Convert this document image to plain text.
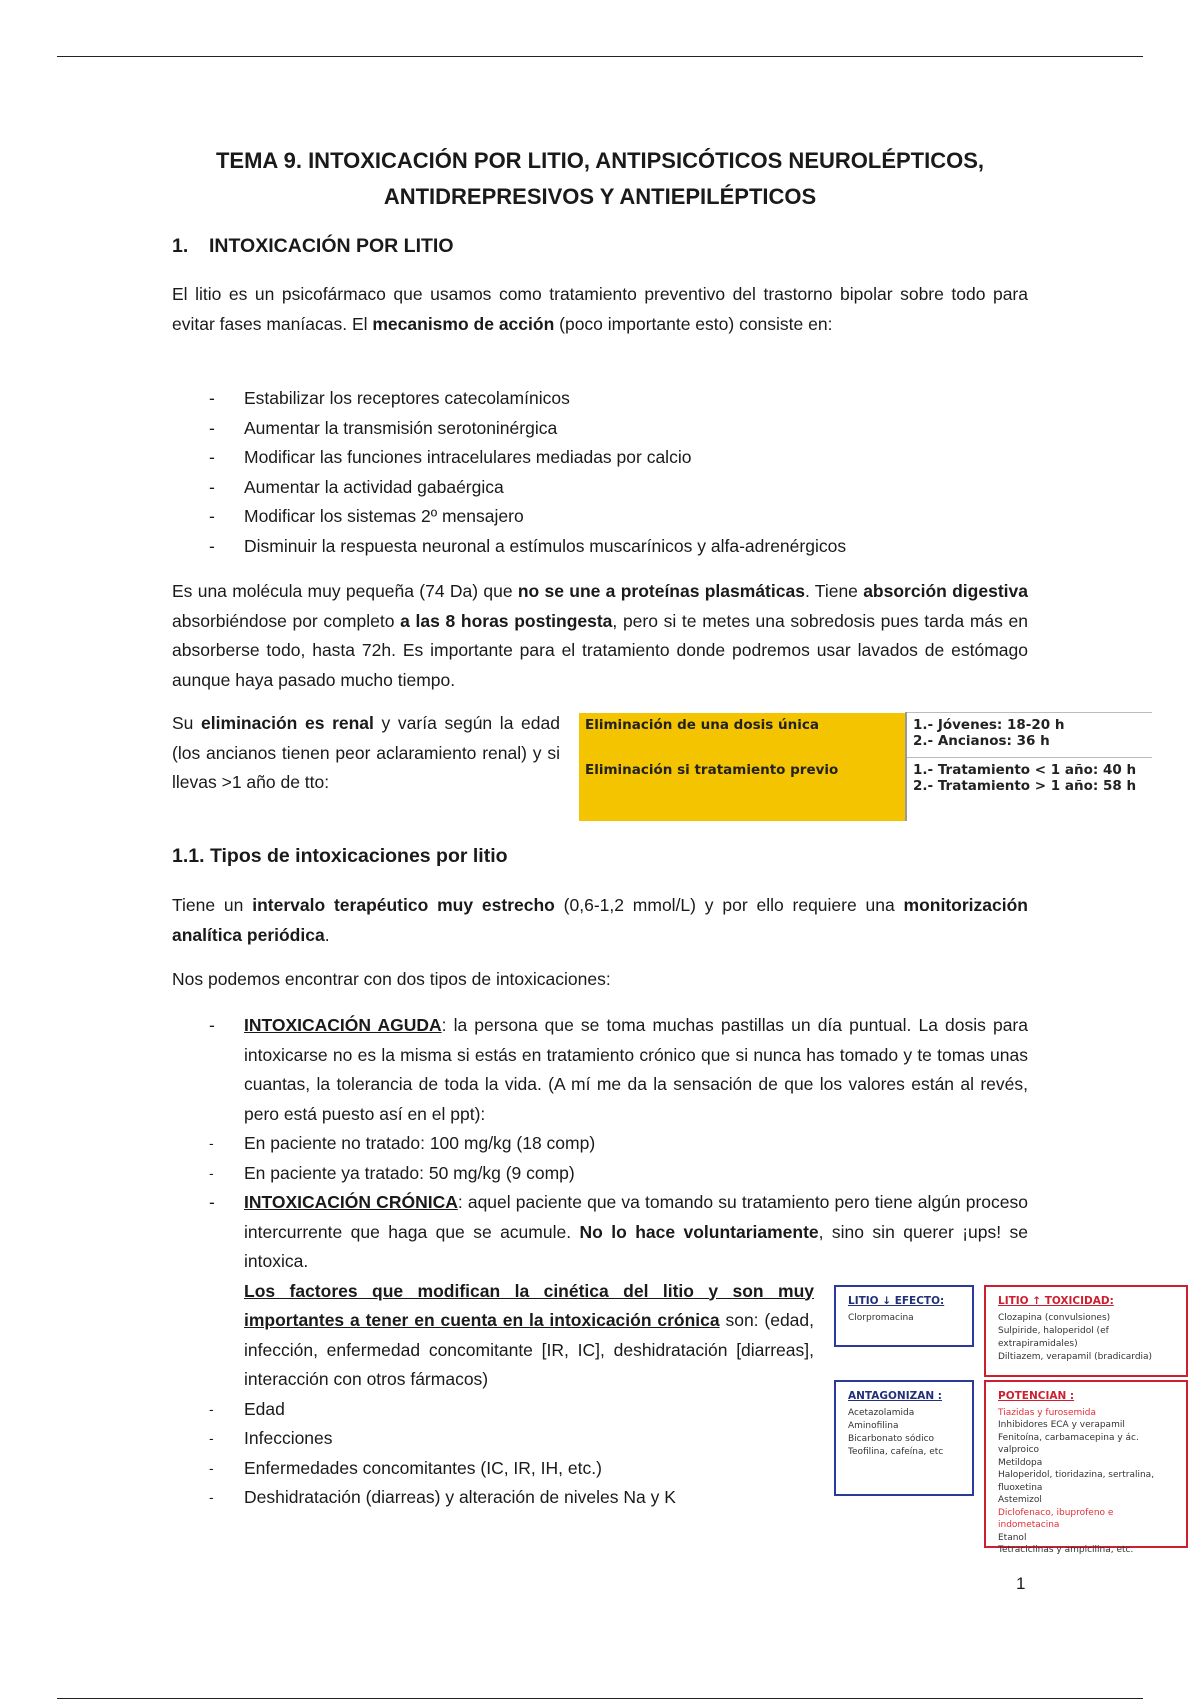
TEMA 9. INTOXICACIÓN POR LITIO, ANTIPSICÓTICOS NEUROLÉPTICOS,
ANTIDREPRESIVOS Y ANTIEPILÉPTICOS
1. INTOXICACIÓN POR LITIO
El litio es un psicofármaco que usamos como tratamiento preventivo del trastorno bipolar sobre todo para evitar fases maníacas. El mecanismo de acción (poco importante esto) consiste en:
- Estabilizar los receptores catecolamínicos
- Aumentar la transmisión serotoninérgica
- Modificar las funciones intracelulares mediadas por calcio
- Aumentar la actividad gabaérgica
- Modificar los sistemas 2º mensajero
- Disminuir la respuesta neuronal a estímulos muscarínicos y alfa-adrenérgicos
Es una molécula muy pequeña (74 Da) que no se une a proteínas plasmáticas. Tiene absorción digestiva absorbiéndose por completo a las 8 horas postingesta, pero si te metes una sobredosis pues tarda más en absorberse todo, hasta 72h. Es importante para el tratamiento donde podremos usar lavados de estómago aunque haya pasado mucho tiempo.
Su eliminación es renal y varía según la edad (los ancianos tienen peor aclaramiento renal) y si llevas >1 año de tto:
Eliminación de una dosis única	1.- Jóvenes: 18-20 h
2.- Ancianos: 36 h

Eliminación si tratamiento previo	1.- Tratamiento < 1 año: 40 h
2.- Tratamiento > 1 año: 58 h
1.1. Tipos de intoxicaciones por litio
Tiene un intervalo terapéutico muy estrecho (0,6-1,2 mmol/L) y por ello requiere una monitorización analítica periódica.
Nos podemos encontrar con dos tipos de intoxicaciones:
- INTOXICACIÓN AGUDA: la persona que se toma muchas pastillas un día puntual. La dosis para intoxicarse no es la misma si estás en tratamiento crónico que si nunca has tomado y te tomas unas cuantas, la tolerancia de toda la vida. (A mí me da la sensación de que los valores están al revés, pero está puesto así en el ppt):
- En paciente no tratado: 100 mg/kg (18 comp)
- En paciente ya tratado: 50 mg/kg (9 comp)
- INTOXICACIÓN CRÓNICA: aquel paciente que va tomando su tratamiento pero tiene algún proceso intercurrente que haga que se acumule. No lo hace voluntariamente, sino sin querer ¡ups! se intoxica.
Los factores que modifican la cinética del litio y son muy importantes a tener en cuenta en la intoxicación crónica son: (edad, infección, enfermedad concomitante [IR, IC], deshidratación [diarreas], interacción con otros fármacos)
- Edad
- Infecciones
- Enfermedades concomitantes (IC, IR, IH, etc.)
- Deshidratación (diarreas) y alteración de niveles Na y K
LITIO ↓ EFECTO:
Clorpromacina
LITIO ↑ TOXICIDAD:
Clozapina (convulsiones)
Sulpiride, haloperidol (ef extrapiramidales)
Diltiazem, verapamil (bradicardia)
ANTAGONIZAN :
Acetazolamida
Aminofilina
Bicarbonato sódico
Teofilina, cafeína, etc
POTENCIAN :
Tiazidas y furosemida
Inhibidores ECA y verapamil
Fenitoína, carbamacepina y ác. valproico
Metildopa
Haloperidol, tioridazina, sertralina, fluoxetina
Astemizol
Diclofenaco, ibuprofeno e indometacina
Etanol
Tetraciclinas y ampicilina, etc.
1
